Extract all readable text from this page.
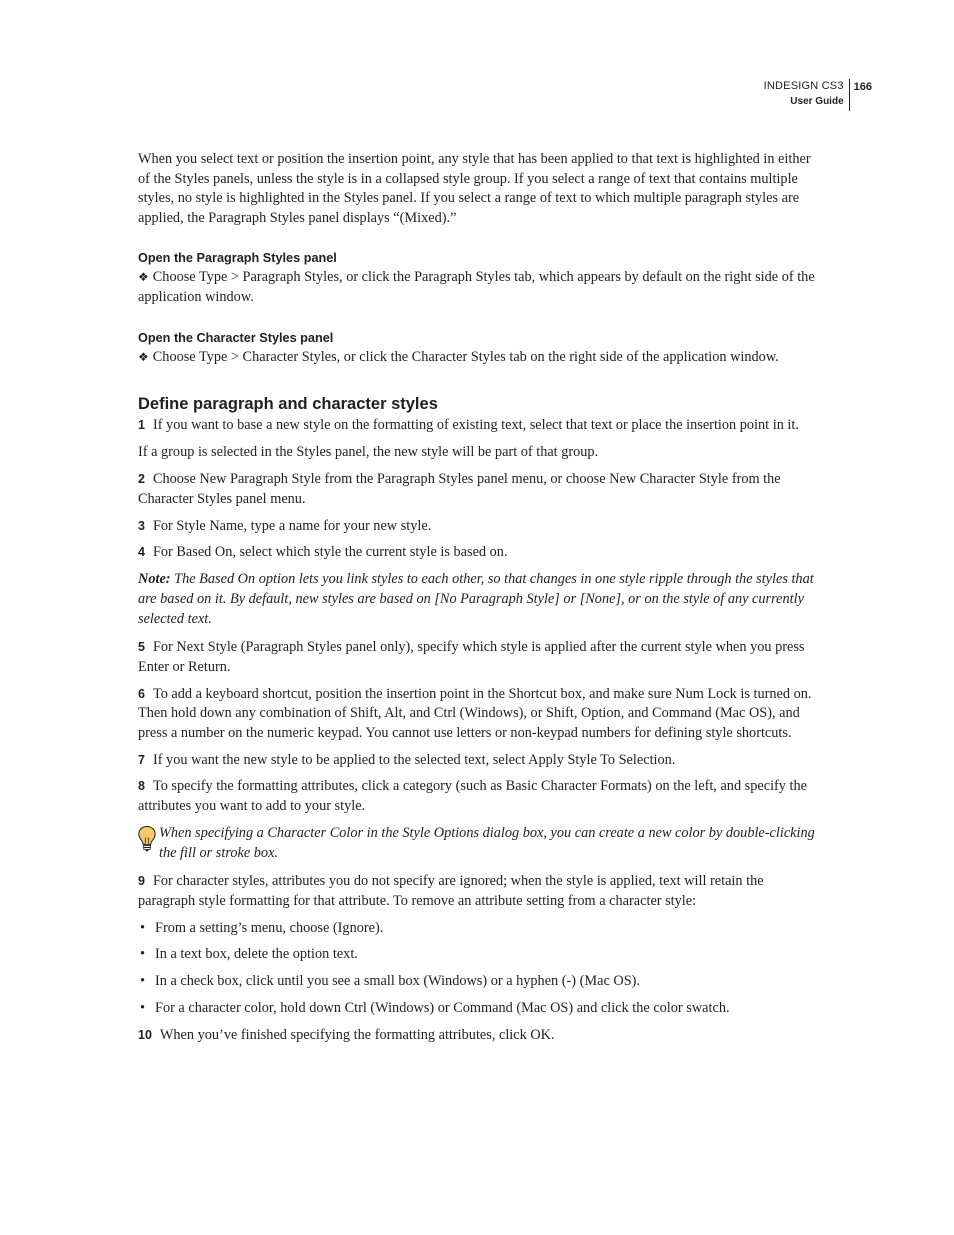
INDESIGN CS3
User Guide
166

When you select text or position the insertion point, any style that has been applied to that text is highlighted in either of the Styles panels, unless the style is in a collapsed style group. If you select a range of text that contains multiple styles, no style is highlighted in the Styles panel. If you select a range of text to which multiple paragraph styles are applied, the Paragraph Styles panel displays “(Mixed).”

Open the Paragraph Styles panel

❖ Choose Type > Paragraph Styles, or click the Paragraph Styles tab, which appears by default on the right side of the application window.

Open the Character Styles panel

❖ Choose Type > Character Styles, or click the Character Styles tab on the right side of the application window.

Define paragraph and character styles

1 If you want to base a new style on the formatting of existing text, select that text or place the insertion point in it.

If a group is selected in the Styles panel, the new style will be part of that group.

2 Choose New Paragraph Style from the Paragraph Styles panel menu, or choose New Character Style from the Character Styles panel menu.

3 For Style Name, type a name for your new style.

4 For Based On, select which style the current style is based on.

Note: The Based On option lets you link styles to each other, so that changes in one style ripple through the styles that are based on it. By default, new styles are based on [No Paragraph Style] or [None], or on the style of any currently selected text.

5 For Next Style (Paragraph Styles panel only), specify which style is applied after the current style when you press Enter or Return.

6 To add a keyboard shortcut, position the insertion point in the Shortcut box, and make sure Num Lock is turned on. Then hold down any combination of Shift, Alt, and Ctrl (Windows), or Shift, Option, and Command (Mac OS), and press a number on the numeric keypad. You cannot use letters or non-keypad numbers for defining style shortcuts.

7 If you want the new style to be applied to the selected text, select Apply Style To Selection.

8 To specify the formatting attributes, click a category (such as Basic Character Formats) on the left, and specify the attributes you want to add to your style.

When specifying a Character Color in the Style Options dialog box, you can create a new color by double-clicking the fill or stroke box.

9 For character styles, attributes you do not specify are ignored; when the style is applied, text will retain the paragraph style formatting for that attribute. To remove an attribute setting from a character style:

• From a setting’s menu, choose (Ignore).
• In a text box, delete the option text.
• In a check box, click until you see a small box (Windows) or a hyphen (-) (Mac OS).
• For a character color, hold down Ctrl (Windows) or Command (Mac OS) and click the color swatch.

10 When you’ve finished specifying the formatting attributes, click OK.
